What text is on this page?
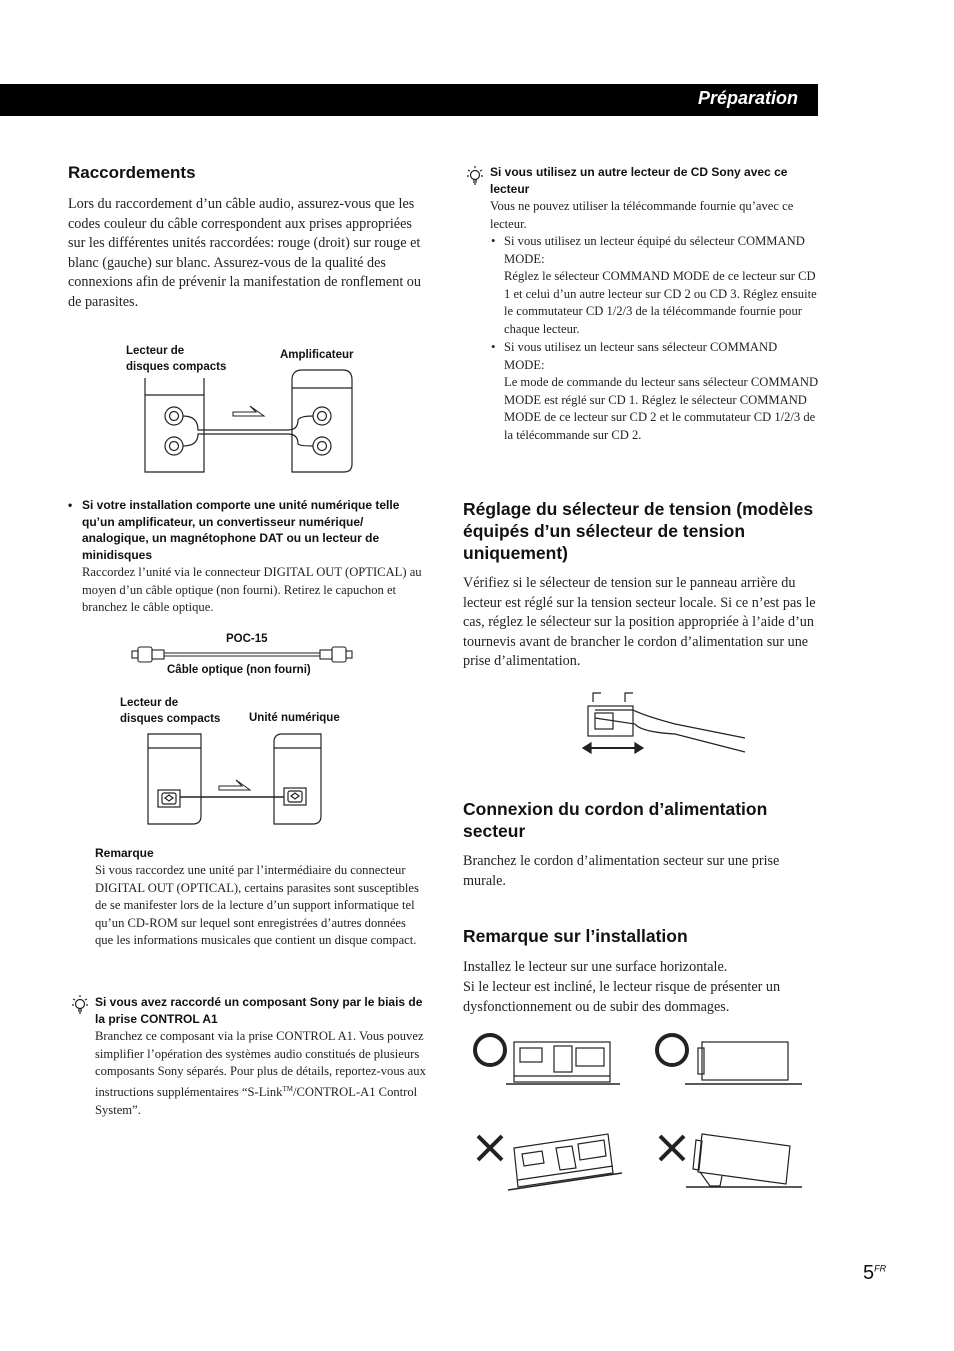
Préparation
Raccordements

Lors du raccordement d’un câble audio, assurez-vous que les codes couleur du câble correspondent aux prises appropriées sur les différentes unités raccordées: rouge (droit) sur rouge et blanc (gauche) sur blanc. Assurez-vous de la qualité des connexions afin de prévenir la manifestation de ronflement ou de parasites.

Lecteur de
disques compacts
Amplificateur
• Si votre installation comporte une unité numérique telle qu’un amplificateur, un convertisseur numérique/ analogique, un magnétophone DAT ou un lecteur de minidisques

Raccordez l’unité via le connecteur DIGITAL OUT (OPTICAL) au moyen d’un câble optique (non fourni). Retirez le capuchon et branchez le câble optique.

POC-15
Câble optique (non fourni)
Lecteur de
disques compacts Unité numérique
Remarque

Si vous raccordez une unité par l’intermédiaire du connecteur DIGITAL OUT (OPTICAL), certains parasites sont susceptibles de se manifester lors de la lecture d’un support informatique tel qu’un CD-ROM sur lequel sont enregistrées d’autres données que les informations musicales que contient un disque compact.

Si vous avez raccordé un composant Sony par le biais de la prise CONTROL A1

Branchez ce composant via la prise CONTROL A1. Vous pouvez simplifier l’opération des systèmes audio constitués de plusieurs composants Sony séparés. Pour plus de détails, reportez-vous aux instructions supplémentaires “S-Link™/CONTROL-A1 Control System”.

Si vous utilisez un autre lecteur de CD Sony avec ce lecteur

Vous ne pouvez utiliser la télécommande fournie qu’avec ce lecteur.

• Si vous utilisez un lecteur équipé du sélecteur COMMAND MODE:

Réglez le sélecteur COMMAND MODE de ce lecteur sur CD 1 et celui d’un autre lecteur sur CD 2 ou CD 3. Réglez ensuite le commutateur CD 1/2/3 de la télécommande fournie pour chaque lecteur.

• Si vous utilisez un lecteur sans sélecteur COMMAND MODE:

Le mode de commande du lecteur sans sélecteur COMMAND MODE est réglé sur CD 1. Réglez le sélecteur COMMAND MODE de ce lecteur sur CD 2 et le commutateur CD 1/2/3 de la télécommande sur CD 2.

Réglage du sélecteur de tension (modèles équipés d’un sélecteur de tension uniquement)

Vérifiez si le sélecteur de tension sur le panneau arrière du lecteur est réglé sur la tension secteur locale. Si ce n’est pas le cas, réglez le sélecteur sur la position appropriée à l’aide d’un tournevis avant de brancher le cordon d’alimentation sur une prise d’alimentation.

Connexion du cordon d’alimentation secteur

Branchez le cordon d’alimentation secteur sur une prise murale.

Remarque sur l’installation

Installez le lecteur sur une surface horizontale.

Si le lecteur est incliné, le lecteur risque de présenter un dysfonctionnement ou de subir des dommages.

$5^{FR}$
